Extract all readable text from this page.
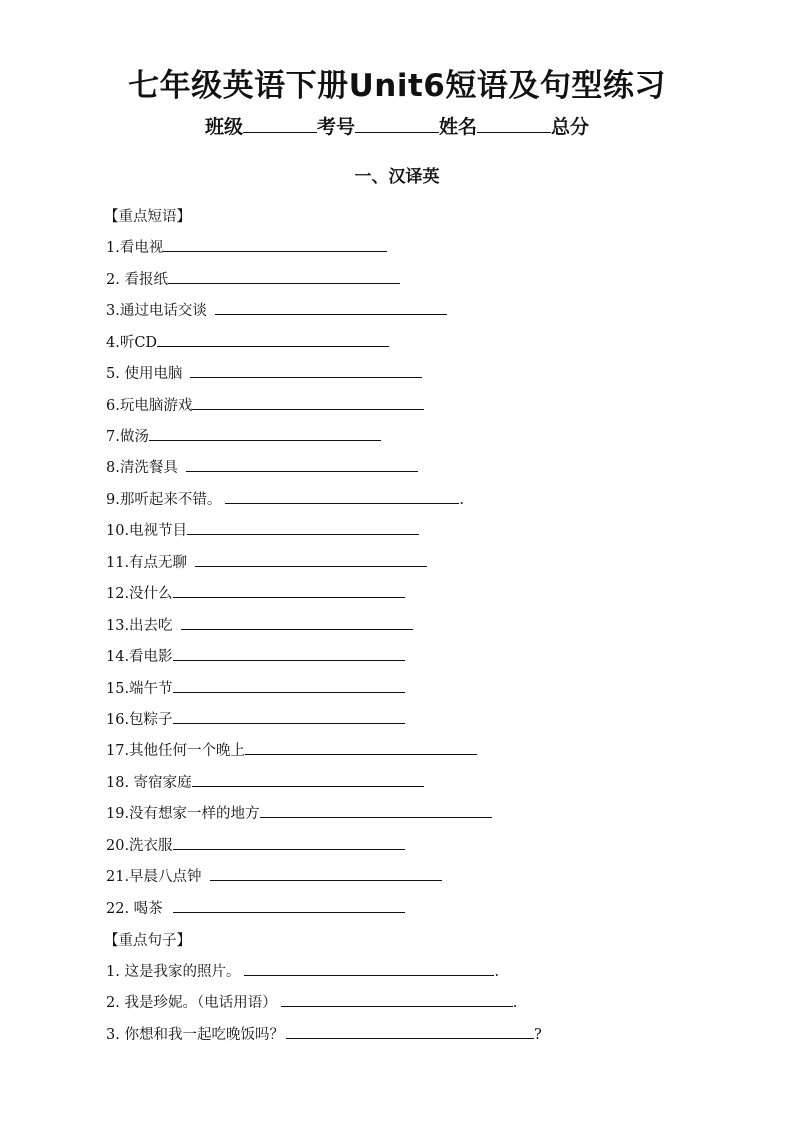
七年级英语下册Unit6短语及句型练习
班级	考号	姓名	总分
一、汉译英
【重点短语】
1.看电视
2. 看报纸
3.通过电话交谈
4.听CD
5. 使用电脑
6.玩电脑游戏
7.做汤
8.清洗餐具
9.那听起来不错。	.
10.电视节目
11.有点无聊
12.没什么
13.出去吃
14.看电影
15.端午节
16.包粽子
17.其他任何一个晚上
18. 寄宿家庭
19.没有想家一样的地方
20.洗衣服
21.早晨八点钟
22. 喝茶
【重点句子】
1. 这是我家的照片。	.
2. 我是珍妮。（电话用语）	.
3. 你想和我一起吃晚饭吗？	?
